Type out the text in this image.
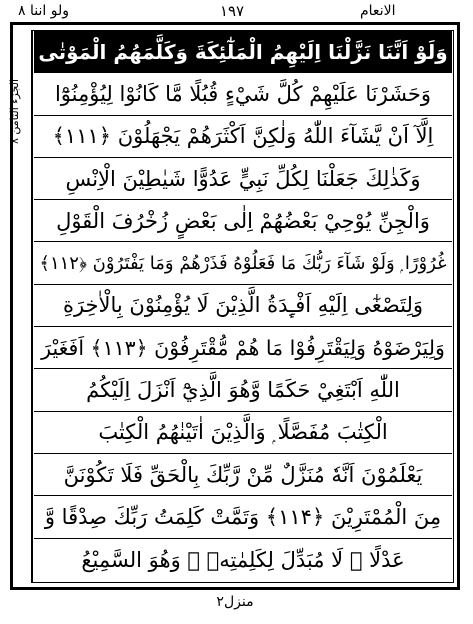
الانعام
۱۹۷
ولو اننا ۸
الجزء الثامن ۸
وَلَوْ اَنَّنَا نَزَّلْنَا اِلَيْهِمُ الْمَلٰٓئِكَةَ وَكَلَّمَهُمُ الْمَوْتٰى
وَحَشَرْنَا عَلَيْهِمْ كُلَّ شَيْءٍ قُبُلًا مَّا كَانُوْا لِيُؤْمِنُوْٓا
اِلَّآ اَنْ يَّشَآءَ اللّٰهُ وَلٰكِنَّ اَكْثَرَهُمْ يَجْهَلُوْنَ ﴿۱۱۱﴾
وَكَذٰلِكَ جَعَلْنَا لِكُلِّ نَبِيٍّ عَدُوًّا شَيٰطِيْنَ الْاِنْسِ
وَالْجِنِّ يُوْحِيْ بَعْضُهُمْ اِلٰى بَعْضٍ زُخْرُفَ الْقَوْلِ
غُرُوْرًا ۭ وَلَوْ شَآءَ رَبُّكَ مَا فَعَلُوْهُ فَذَرْهُمْ وَمَا يَفْتَرُوْنَ ﴿۱۱۲﴾
وَلِتَصْغٰٓى اِلَيْهِ اَفْـِٕدَةُ الَّذِيْنَ لَا يُؤْمِنُوْنَ بِالْاٰخِرَةِ
وَلِيَرْضَوْهُ وَلِيَقْتَرِفُوْا مَا هُمْ مُّقْتَرِفُوْنَ ﴿۱۱۳﴾ اَفَغَيْرَ
اللّٰهِ اَبْتَغِيْ حَكَمًا وَّهُوَ الَّذِيْٓ اَنْزَلَ اِلَيْكُمُ
الْكِتٰبَ مُفَصَّلًا ۭ وَالَّذِيْنَ اٰتَيْنٰهُمُ الْكِتٰبَ
يَعْلَمُوْنَ اَنَّهٗ مُنَزَّلٌ مِّنْ رَّبِّكَ بِالْحَقِّ فَلَا تَكُوْنَنَّ
مِنَ الْمُمْتَرِيْنَ ﴿۱۱۴﴾ وَتَمَّتْ كَلِمَتُ رَبِّكَ صِدْقًا وَّ
عَدْلًا ۭ لَا مُبَدِّلَ لِكَلِمٰتِهٖ ۚ وَهُوَ السَّمِيْعُ
منزل۲
